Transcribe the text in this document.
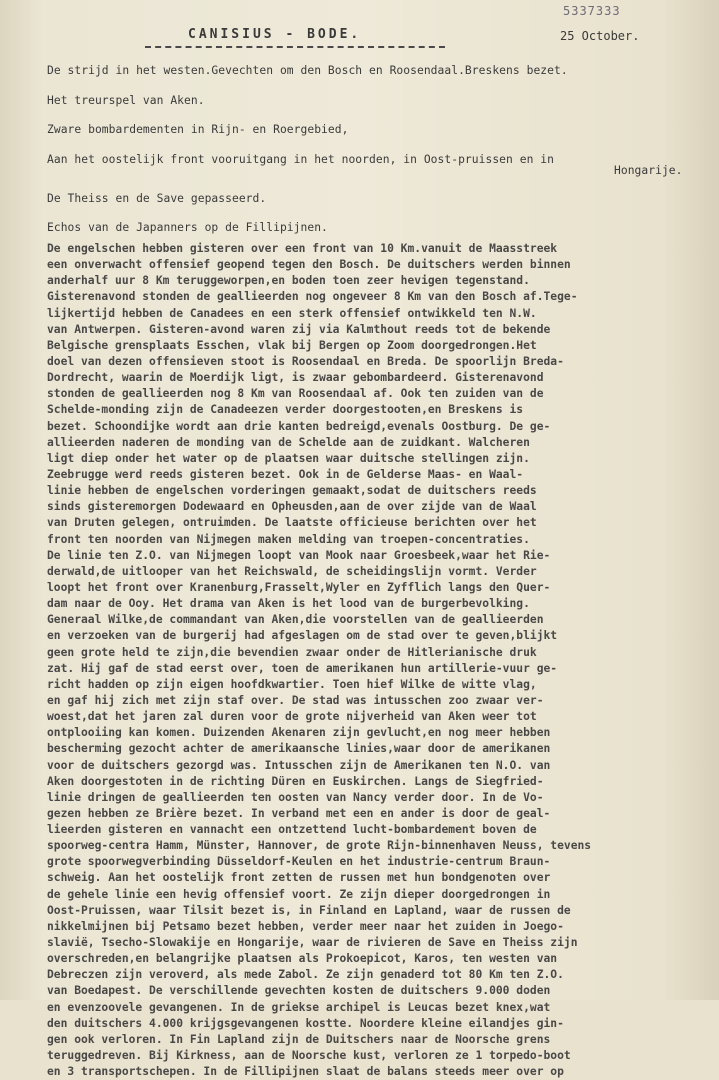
5337333
CANISIUS - BODE.	25 October.
De strijd in het westen.Gevechten om den Bosch en Roosendaal.Breskens bezet.
Het treurspel van Aken.
Zware bombardementen in Rijn- en Roergebied,
Aan het oostelijk front vooruitgang in het noorden, in Oost-pruissen en in
Hongarije.
De Theiss en de Save gepasseerd.
Echos van de Japanners op de Fillipijnen.
De engelschen hebben gisteren over een front van 10 Km.vanuit de Maasstreek
een onverwacht offensief geopend tegen den Bosch. De duitschers werden binnen
anderhalf uur 8 Km teruggeworpen,en boden toen zeer hevigen tegenstand.
Gisterenavond stonden de geallieerden nog ongeveer 8 Km van den Bosch af.Tege-
lijkertijd hebben de Canadees en een sterk offensief ontwikkeld ten N.W.
van Antwerpen. Gisteren-avond waren zij via Kalmthout reeds tot de bekende
Belgische grensplaats Esschen, vlak bij Bergen op Zoom doorgedrongen.Het
doel van dezen offensieven stoot is Roosendaal en Breda. De spoorlijn Breda-
Dordrecht, waarin de Moerdijk ligt, is zwaar gebombardeerd. Gisterenavond
stonden de geallieerden nog 8 Km van Roosendaal af. Ook ten zuiden van de
Schelde-monding zijn de Canadeezen verder doorgestooten,en Breskens is
bezet. Schoondijke wordt aan drie kanten bedreigd,evenals Oostburg. De ge-
allieerden naderen de monding van de Schelde aan de zuidkant. Walcheren
ligt diep onder het water op de plaatsen waar duitsche stellingen zijn.
Zeebrugge werd reeds gisteren bezet. Ook in de Gelderse Maas- en Waal-
linie hebben de engelschen vorderingen gemaakt,sodat de duitschers reeds
sinds gisteremorgen Dodewaard en Opheusden,aan de over zijde van de Waal
van Druten gelegen, ontruimden. De laatste officieuse berichten over het
front ten noorden van Nijmegen maken melding van troepen-concentraties.
De linie ten Z.O. van Nijmegen loopt van Mook naar Groesbeek,waar het Rie-
derwald,de uitlooper van het Reichswald, de scheidingslijn vormt. Verder
loopt het front over Kranenburg,Frasselt,Wyler en Zyfflich langs den Quer-
dam naar de Ooy. Het drama van Aken is het lood van de burgerbevolking.
Generaal Wilke,de commandant van Aken,die voorstellen van de geallieerden
en verzoeken van de burgerij had afgeslagen om de stad over te geven,blijkt
geen grote held te zijn,die bevendien zwaar onder de Hitlerianische druk
zat. Hij gaf de stad eerst over, toen de amerikanen hun artillerie-vuur ge-
richt hadden op zijn eigen hoofdkwartier. Toen hief Wilke de witte vlag,
en gaf hij zich met zijn staf over. De stad was intusschen zoo zwaar ver-
woest,dat het jaren zal duren voor de grote nijverheid van Aken weer tot
ontplooiing kan komen. Duizenden Akenaren zijn gevlucht,en nog meer hebben
bescherming gezocht achter de amerikaansche linies,waar door de amerikanen
voor de duitschers gezorgd was. Intusschen zijn de Amerikanen ten N.O. van
Aken doorgestoten in de richting Düren en Euskirchen. Langs de Siegfried-
linie dringen de geallieerden ten oosten van Nancy verder door. In de Vo-
gezen hebben ze Brière bezet. In verband met een en ander is door de geal-
lieerden gisteren en vannacht een ontzettend lucht-bombardement boven de
spoorweg-centra Hamm, Münster, Hannover, de grote Rijn-binnenhaven Neuss, tevens
grote spoorwegverbinding Düsseldorf-Keulen en het industrie-centrum Braun-
schweig. Aan het oostelijk front zetten de russen met hun bondgenoten over
de gehele linie een hevig offensief voort. Ze zijn dieper doorgedrongen in
Oost-Pruissen, waar Tilsit bezet is, in Finland en Lapland, waar de russen de
nikkelmijnen bij Petsamo bezet hebben, verder meer naar het zuiden in Joego-
slavië, Tsecho-Slowakije en Hongarije, waar de rivieren de Save en Theiss zijn
overschreden,en belangrijke plaatsen als Prokoepicot, Karos, ten westen van
Debreczen zijn veroverd, als mede Zabol. Ze zijn genaderd tot 80 Km ten Z.O.
van Boedapest. De verschillende gevechten kosten de duitschers 9.000 doden
en evenzoovele gevangenen. In de griekse archipel is Leucas bezet knex,wat
den duitschers 4.000 krijgsgevangenen kostte. Noordere kleine eilandjes gin-
gen ook verloren. In Fin Lapland zijn de Duitschers naar de Noorsche grens
teruggedreven. Bij Kirkness, aan de Noorsche kust, verloren ze 1 torpedo-boot
en 3 transportschepen. In de Fillipijnen slaat de balans steeds meer over op
